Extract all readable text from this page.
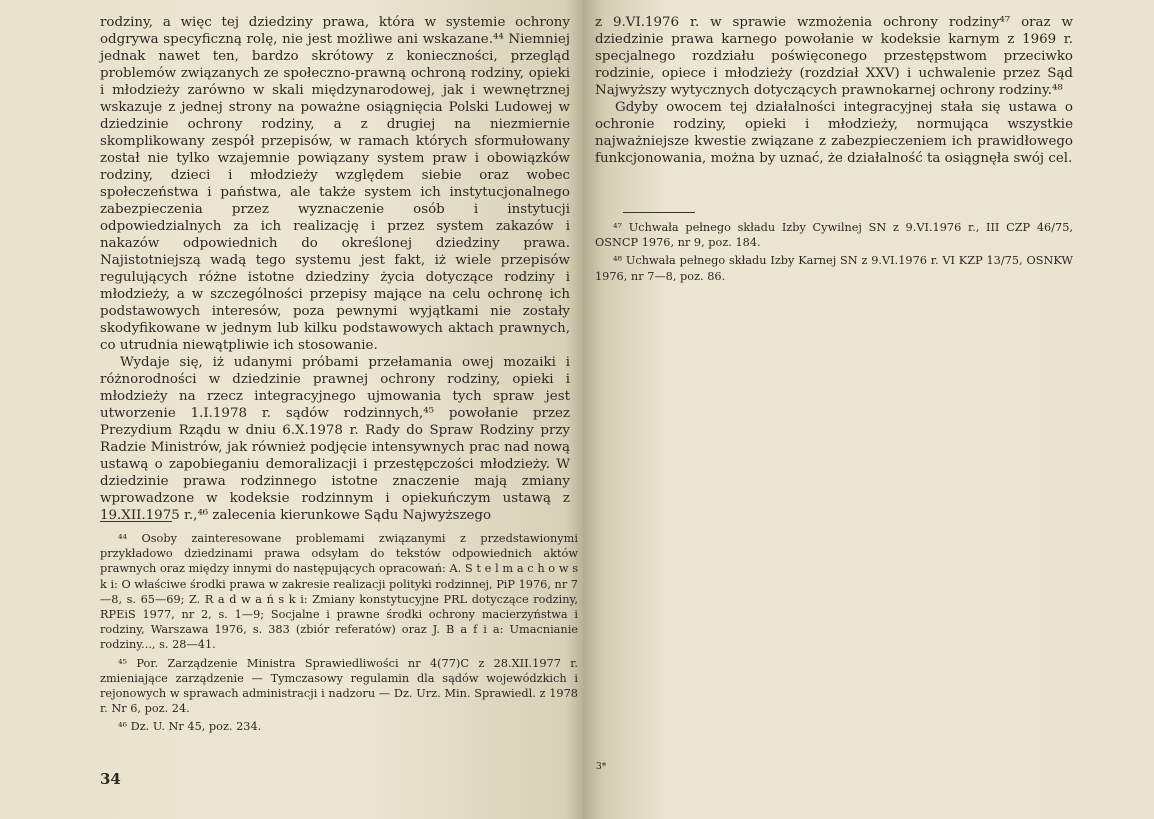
rodziny, a więc tej dziedziny prawa, która w systemie ochrony odgrywa specyficzną rolę, nie jest możliwe ani wskazane.⁴⁴ Niemniej jednak nawet ten, bardzo skrótowy z konieczności, przegląd problemów związanych ze społeczno-prawną ochroną rodziny, opieki i młodzieży zarówno w skali międzynarodowej, jak i wewnętrznej wskazuje z jednej strony na poważne osiągnięcia Polski Ludowej w dziedzinie ochrony rodziny, a z drugiej na niezmiernie skomplikowany zespół przepisów, w ramach których sformułowany został nie tylko wzajemnie powiązany system praw i obowiązków rodziny, dzieci i młodzieży względem siebie oraz wobec społeczeństwa i państwa, ale także system ich instytucjonalnego zabezpieczenia przez wyznaczenie osób i instytucji odpowiedzialnych za ich realizację i przez system zakazów i nakazów odpowiednich do określonej dziedziny prawa. Najistotniejszą wadą tego systemu jest fakt, iż wiele przepisów regulujących różne istotne dziedziny życia dotyczące rodziny i młodzieży, a w szczególności przepisy mające na celu ochronę ich podstawowych interesów, poza pewnymi wyjątkami nie zostały skodyfikowane w jednym lub kilku podstawowych aktach prawnych, co utrudnia niewątpliwie ich stosowanie.

Wydaje się, iż udanymi próbami przełamania owej mozaiki i różnorodności w dziedzinie prawnej ochrony rodziny, opieki i młodzieży na rzecz integracyjnego ujmowania tych spraw jest utworzenie 1.I.1978 r. sądów rodzinnych,⁴⁵ powołanie przez Prezydium Rządu w dniu 6.X.1978 r. Rady do Spraw Rodziny przy Radzie Ministrów, jak również podjęcie intensywnych prac nad nową ustawą o zapobieganiu demoralizacji i przestępczości młodzieży. W dziedzinie prawa rodzinnego istotne znaczenie mają zmiany wprowadzone w kodeksie rodzinnym i opiekuńczym ustawą z 19.XII.1975 r.,⁴⁶ zalecenia kierunkowe Sądu Najwyższego

⁴⁴ Osoby zainteresowane problemami związanymi z przedstawionymi przykładowo dziedzinami prawa odsyłam do tekstów odpowiednich aktów prawnych oraz między innymi do następujących opracowań: A. S t e l m a c h o w s k i: O właściwe środki prawa w zakresie realizacji polityki rodzinnej, PiP 1976, nr 7—8, s. 65—69; Z. R a d w a ń s k i: Zmiany konstytucyjne PRL dotyczące rodziny, RPEiS 1977, nr 2, s. 1—9; Socjalne i prawne środki ochrony macierzyństwa i rodziny, Warszawa 1976, s. 383 (zbiór referatów) oraz J. B a f i a: Umacnianie rodziny..., s. 28—41.

⁴⁵ Por. Zarządzenie Ministra Sprawiedliwości nr 4(77)C z 28.XII.1977 r. zmieniające zarządzenie — Tymczasowy regulamin dla sądów wojewódzkich i rejonowych w sprawach administracji i nadzoru — Dz. Urz. Min. Sprawiedl. z 1978 r. Nr 6, poz. 24.

⁴⁶ Dz. U. Nr 45, poz. 234.

34

z 9.VI.1976 r. w sprawie wzmożenia ochrony rodziny⁴⁷ oraz w dziedzinie prawa karnego powołanie w kodeksie karnym z 1969 r. specjalnego rozdziału poświęconego przestępstwom przeciwko rodzinie, opiece i młodzieży (rozdział XXV) i uchwalenie przez Sąd Najwyższy wytycznych dotyczących prawnokarnej ochrony rodziny.⁴⁸

Gdyby owocem tej działalności integracyjnej stała się ustawa o ochronie rodziny, opieki i młodzieży, normująca wszystkie najważniejsze kwestie związane z zabezpieczeniem ich prawidłowego funkcjonowania, można by uznać, że działalność ta osiągnęła swój cel.

⁴⁷ Uchwała pełnego składu Izby Cywilnej SN z 9.VI.1976 r., III CZP 46/75, OSNCP 1976, nr 9, poz. 184.

⁴⁸ Uchwała pełnego składu Izby Karnej SN z 9.VI.1976 r. VI KZP 13/75, OSNKW 1976, nr 7—8, poz. 86.

3*
